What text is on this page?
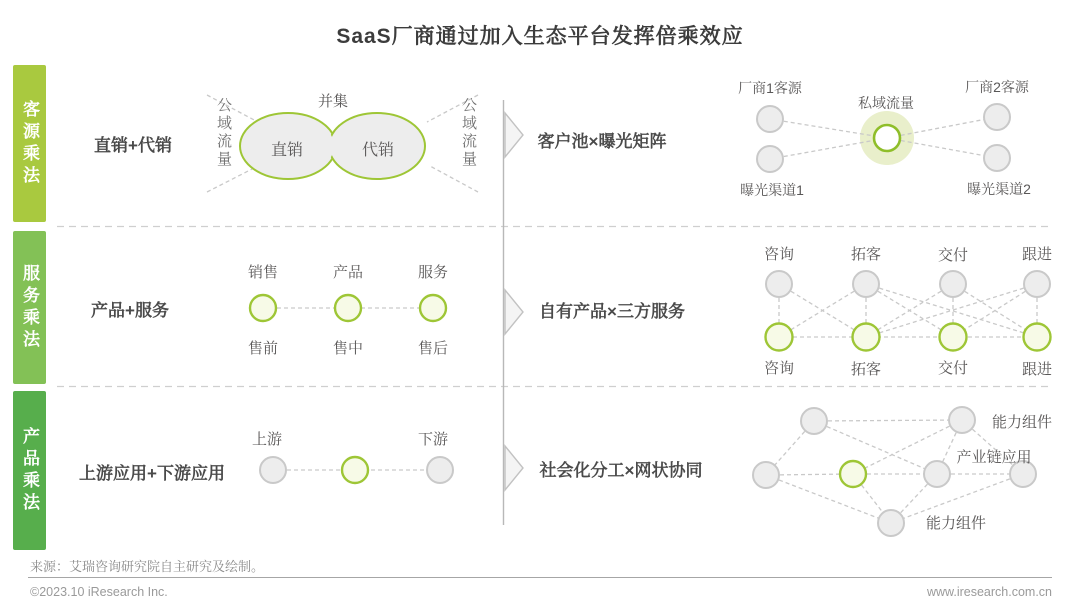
SaaS厂商通过加入生态平台发挥倍乘效应
客源乘法
服务乘法
产品乘法
直销+代销	客户池×曝光矩阵
产品+服务	自有产品×三方服务
上游应用+下游应用	社会化分工×网状协同
并集
直销	代销
公域流量	公域流量
厂商1客源
曝光渠道1
私域流量
厂商2客源
曝光渠道2
销售	产品	服务
售前	售中	售后
咨询	拓客	交付	跟进
咨询	拓客	交付	跟进
上游	下游
能力组件
产业链应用
能力组件
来源：艾瑞咨询研究院自主研究及绘制。
©2023.10 iResearch Inc.	www.iresearch.com.cn
